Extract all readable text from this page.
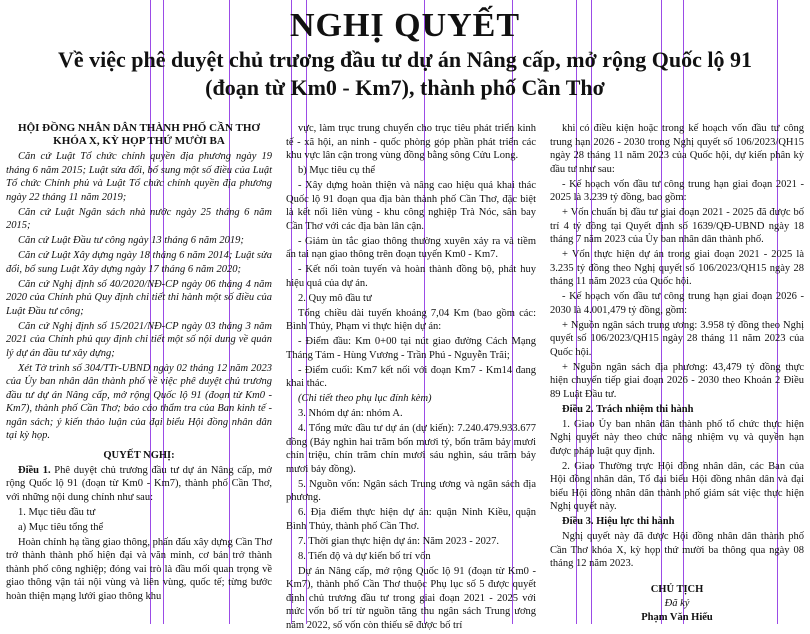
NGHỊ QUYẾT
Về việc phê duyệt chủ trương đầu tư dự án Nâng cấp, mở rộng Quốc lộ 91
(đoạn từ Km0 - Km7), thành phố Cần Thơ
HỘI ĐỒNG NHÂN DÂN THÀNH PHỐ CẦN THƠ
KHÓA X, KỲ HỌP THỨ MƯỜI BA

Căn cứ Luật Tổ chức chính quyền địa phương ngày 19 tháng 6 năm 2015; Luật sửa đổi, bổ sung một số điều của Luật Tổ chức Chính phủ và Luật Tổ chức chính quyền địa phương ngày 22 tháng 11 năm 2019;

Căn cứ Luật Ngân sách nhà nước ngày 25 tháng 6 năm 2015;

Căn cứ Luật Đầu tư công ngày 13 tháng 6 năm 2019;

Căn cứ Luật Xây dựng ngày 18 tháng 6 năm 2014; Luật sửa đổi, bổ sung Luật Xây dựng ngày 17 tháng 6 năm 2020;

Căn cứ Nghị định số 40/2020/NĐ-CP ngày 06 tháng 4 năm 2020 của Chính phủ Quy định chi tiết thi hành một số điều của Luật Đầu tư công;

Căn cứ Nghị định số 15/2021/NĐ-CP ngày 03 tháng 3 năm 2021 của Chính phủ quy định chi tiết một số nội dung về quản lý dự án đầu tư xây dựng;

Xét Tờ trình số 304/TTr-UBND ngày 02 tháng 12 năm 2023 của Ủy ban nhân dân thành phố về việc phê duyệt chủ trương đầu tư dự án Nâng cấp, mở rộng Quốc lộ 91 (đoạn từ Km0 - Km7), thành phố Cần Thơ; báo cáo thẩm tra của Ban kinh tế - ngân sách; ý kiến thảo luận của đại biểu Hội đồng nhân dân tại kỳ họp.

QUYẾT NGHỊ:

Điều 1. Phê duyệt chủ trương đầu tư dự án Nâng cấp, mở rộng Quốc lộ 91 (đoạn từ Km0 - Km7), thành phố Cần Thơ, với những nội dung chính như sau:

1. Mục tiêu đầu tư

a) Mục tiêu tổng thể

Hoàn chỉnh hạ tầng giao thông, phấn đấu xây dựng Cần Thơ trở thành thành phố hiện đại và văn minh, cơ bản trở thành thành phố công nghiệp; đóng vai trò là đầu mối quan trọng về giao thông vận tải nội vùng và liên vùng, quốc tế; từng bước hoàn thiện mạng lưới giao thông khu

vực, làm trục trung chuyển cho trục tiêu phát triển kinh tế - xã hội, an ninh - quốc phòng góp phần phát triển các khu vực lân cận trong vùng đồng bằng sông Cửu Long.

b) Mục tiêu cụ thể

- Xây dựng hoàn thiện và nâng cao hiệu quả khai thác Quốc lộ 91 đoạn qua địa bàn thành phố Cần Thơ, đặc biệt là kết nối liên vùng - khu công nghiệp Trà Nóc, sân bay Cần Thơ với các địa bàn lân cận.

- Giảm ùn tắc giao thông thường xuyên xảy ra và tiềm ẩn tai nạn giao thông trên đoạn tuyến Km0 - Km7.

- Kết nối toàn tuyến và hoàn thành đồng bộ, phát huy hiệu quả của dự án.

2. Quy mô đầu tư

Tổng chiều dài tuyến khoảng 7,04 Km (bao gồm các: Bình Thủy, Phạm vi thực hiện dự án:

- Điểm đầu: Km 0+00 tại nút giao đường Cách Mạng Tháng Tám - Hùng Vương - Trần Phú - Nguyễn Trãi;

- Điểm cuối: Km7 kết nối với đoạn Km7 - Km14 đang khai thác.

(Chi tiết theo phụ lục đính kèm)

3. Nhóm dự án: nhóm A.

4. Tổng mức đầu tư dự án (dự kiến): 7.240.479.933.677 đồng (Bảy nghìn hai trăm bốn mươi tỷ, bốn trăm bảy mươi chín triệu, chín trăm chín mươi sáu nghìn, sáu trăm bảy mươi bảy đồng).

5. Nguồn vốn: Ngân sách Trung ương và ngân sách địa phương.

6. Địa điểm thực hiện dự án: quận Ninh Kiều, quận Bình Thủy, thành phố Cần Thơ.

7. Thời gian thực hiện dự án: Năm 2023 - 2027.

8. Tiến độ và dự kiến bố trí vốn

Dự án Nâng cấp, mở rộng Quốc lộ 91 (đoạn từ Km0 - Km7), thành phố Cần Thơ thuộc Phụ lục số 5 được quyết định chủ trương đầu tư trong giai đoạn 2021 - 2025 với mức vốn bố trí từ nguồn tăng thu ngân sách Trung ương năm 2022, số vốn còn thiếu sẽ được bố trí

khi có điều kiện hoặc trong kế hoạch vốn đầu tư công trung hạn 2026 - 2030 trong Nghị quyết số 106/2023/QH15 ngày 28 tháng 11 năm 2023 của Quốc hội, dự kiến phân kỳ đầu tư như sau:

- Kế hoạch vốn đầu tư công trung hạn giai đoạn 2021 - 2025 là 3.239 tỷ đồng, bao gồm:

+ Vốn chuẩn bị đầu tư giai đoạn 2021 - 2025 đã được bố trí 4 tỷ đồng tại Quyết định số 1639/QĐ-UBND ngày 18 tháng 7 năm 2023 của Ủy ban nhân dân thành phố.

+ Vốn thực hiện dự án trong giai đoạn 2021 - 2025 là 3.235 tỷ đồng theo Nghị quyết số 106/2023/QH15 ngày 28 tháng 11 năm 2023 của Quốc hội.

- Kế hoạch vốn đầu tư công trung hạn giai đoạn 2026 - 2030 là 4.001,479 tỷ đồng, gồm:

+ Nguồn ngân sách trung ương: 3.958 tỷ đồng theo Nghị quyết số 106/2023/QH15 ngày 28 tháng 11 năm 2023 của Quốc hội.

+ Nguồn ngân sách địa phương: 43,479 tỷ đồng thực hiện chuyển tiếp giai đoạn 2026 - 2030 theo Khoản 2 Điều 89 Luật Đầu tư.

Điều 2. Trách nhiệm thi hành

1. Giao Ủy ban nhân dân thành phố tổ chức thực hiện Nghị quyết này theo chức năng nhiệm vụ và quyền hạn được pháp luật quy định.

2. Giao Thường trực Hội đồng nhân dân, các Ban của Hội đồng nhân dân, Tổ đại biểu Hội đồng nhân dân và đại biểu Hội đồng nhân dân thành phố giám sát việc thực hiện Nghị quyết này.

Điều 3. Hiệu lực thi hành

Nghị quyết này đã được Hội đồng nhân dân thành phố Cần Thơ khóa X, kỳ họp thứ mười ba thông qua ngày 08 tháng 12 năm 2023.

CHỦ TỊCH
Đã ký
Phạm Văn Hiếu
